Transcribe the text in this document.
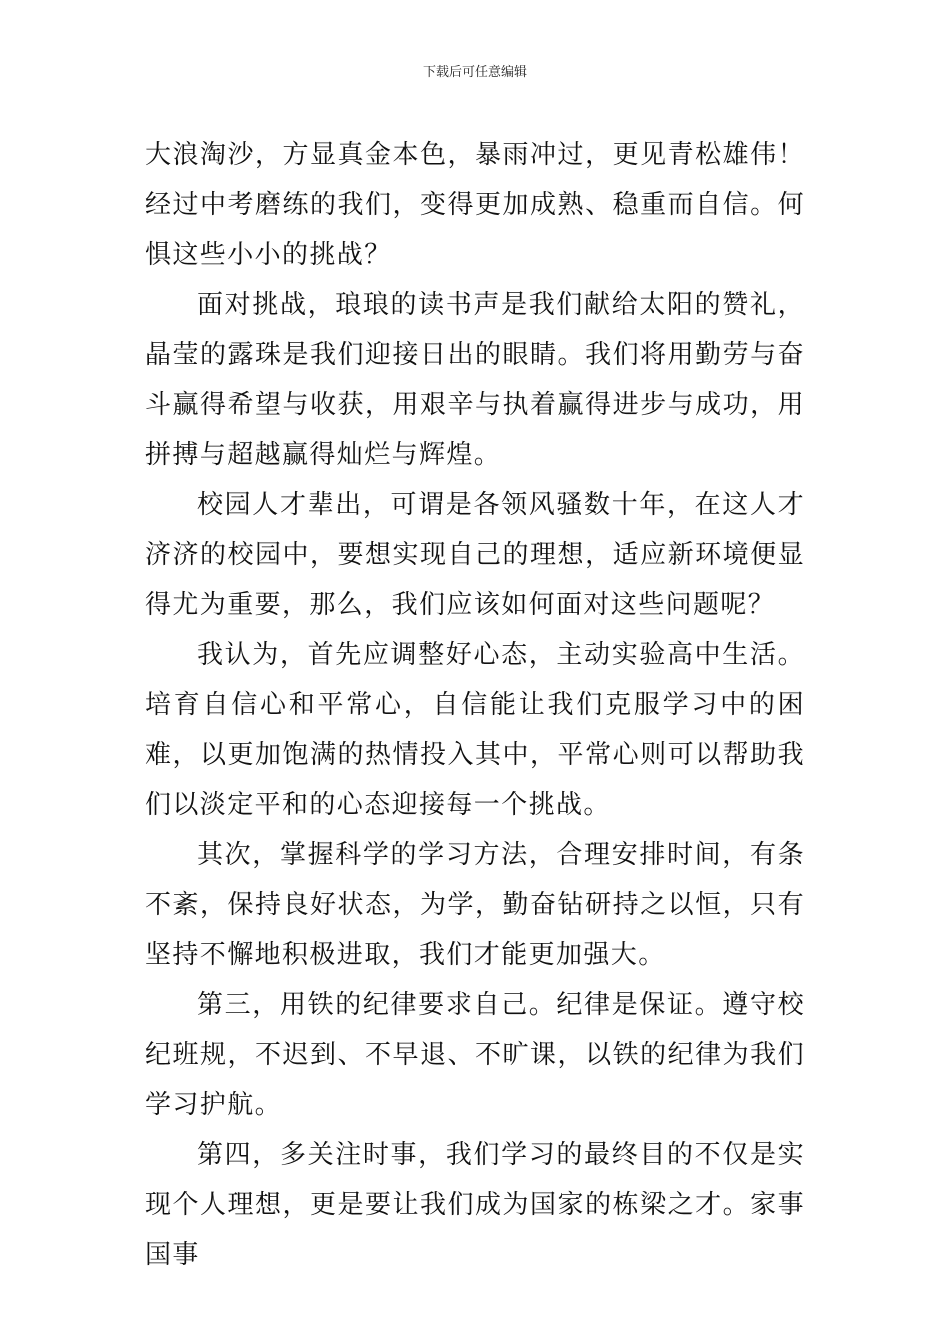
下载后可任意编辑

大浪淘沙，方显真金本色，暴雨冲过，更见青松雄伟！经过中考磨练的我们，变得更加成熟、稳重而自信。何惧这些小小的挑战？

面对挑战，琅琅的读书声是我们献给太阳的赞礼，晶莹的露珠是我们迎接日出的眼睛。我们将用勤劳与奋斗赢得希望与收获，用艰辛与执着赢得进步与成功，用拼搏与超越赢得灿烂与辉煌。

校园人才辈出，可谓是各领风骚数十年，在这人才济济的校园中，要想实现自己的理想，适应新环境便显得尤为重要，那么，我们应该如何面对这些问题呢？

我认为，首先应调整好心态，主动实验高中生活。培育自信心和平常心，自信能让我们克服学习中的困难，以更加饱满的热情投入其中，平常心则可以帮助我们以淡定平和的心态迎接每一个挑战。

其次，掌握科学的学习方法，合理安排时间，有条不紊，保持良好状态，为学，勤奋钻研持之以恒，只有坚持不懈地积极进取，我们才能更加强大。

第三，用铁的纪律要求自己。纪律是保证。遵守校纪班规，不迟到、不早退、不旷课，以铁的纪律为我们学习护航。

第四，多关注时事，我们学习的最终目的不仅是实现个人理想，更是要让我们成为国家的栋梁之才。家事国事
